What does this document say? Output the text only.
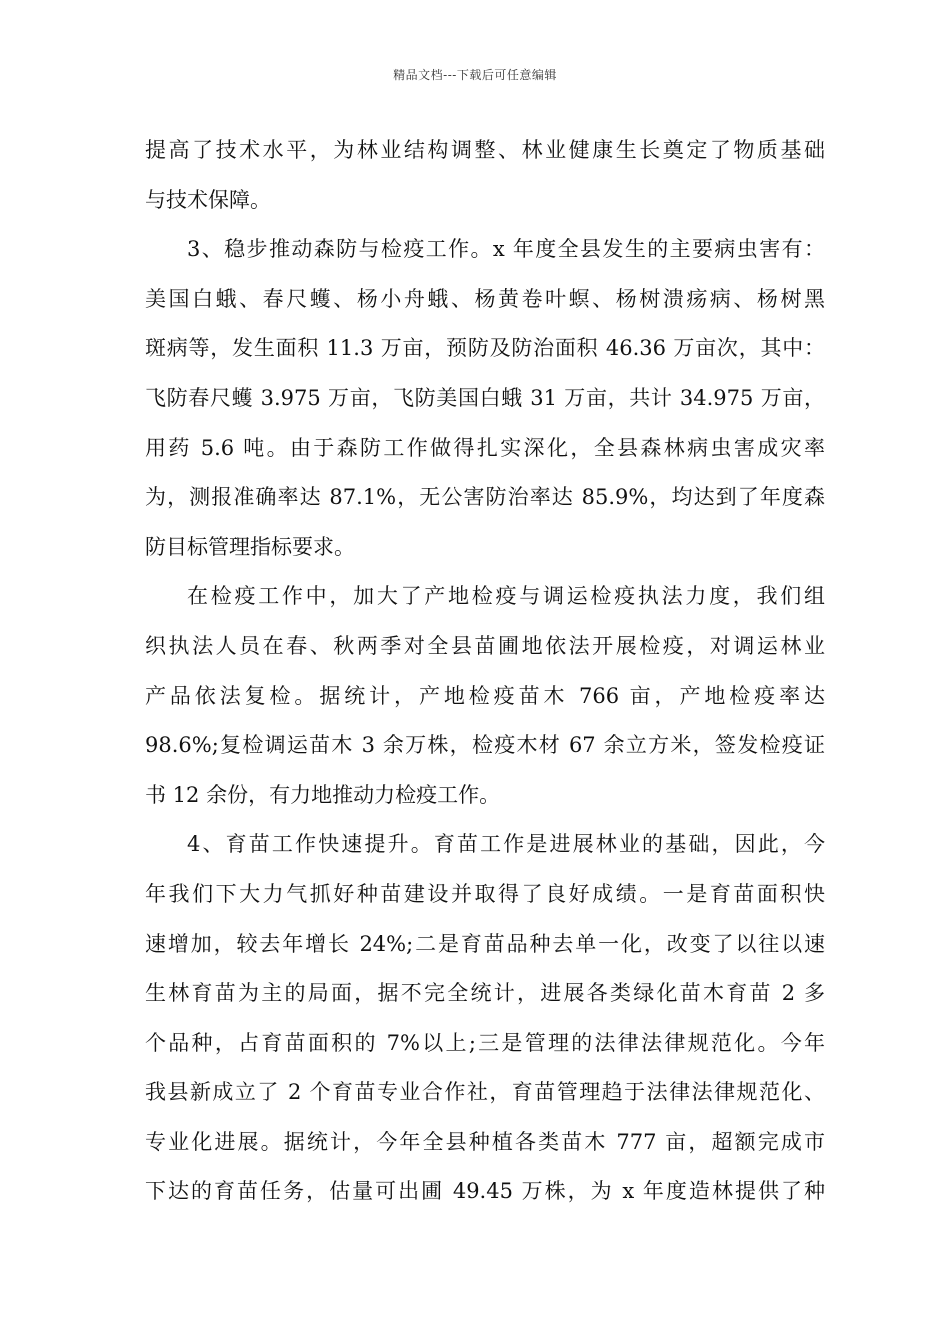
精品文档---下载后可任意编辑
提高了技术水平，为林业结构调整、林业健康生长奠定了物质基础
与技术保障。
3、稳步推动森防与检疫工作。x 年度全县发生的主要病虫害有：
美国白蛾、春尺蠖、杨小舟蛾、杨黄卷叶螟、杨树溃疡病、杨树黑
斑病等，发生面积 11.3 万亩，预防及防治面积 46.36 万亩次，其中：
飞防春尺蠖 3.975 万亩，飞防美国白蛾 31 万亩，共计 34.975 万亩，
用药 5.6 吨。由于森防工作做得扎实深化，全县森林病虫害成灾率
为，测报准确率达 87.1%，无公害防治率达 85.9%，均达到了年度森
防目标管理指标要求。
在检疫工作中，加大了产地检疫与调运检疫执法力度，我们组
织执法人员在春、秋两季对全县苗圃地依法开展检疫，对调运林业
产品依法复检。据统计，产地检疫苗木 766 亩，产地检疫率达
98.6%;复检调运苗木 3 余万株，检疫木材 67 余立方米，签发检疫证
书 12 余份，有力地推动力检疫工作。
4、育苗工作快速提升。育苗工作是进展林业的基础，因此，今
年我们下大力气抓好种苗建设并取得了良好成绩。一是育苗面积快
速增加，较去年增长 24%;二是育苗品种去单一化，改变了以往以速
生林育苗为主的局面，据不完全统计，进展各类绿化苗木育苗 2 多
个品种，占育苗面积的 7%以上;三是管理的法律法律规范化。今年
我县新成立了 2 个育苗专业合作社，育苗管理趋于法律法律规范化、
专业化进展。据统计，今年全县种植各类苗木 777 亩，超额完成市
下达的育苗任务，估量可出圃 49.45 万株，为 x 年度造林提供了种
